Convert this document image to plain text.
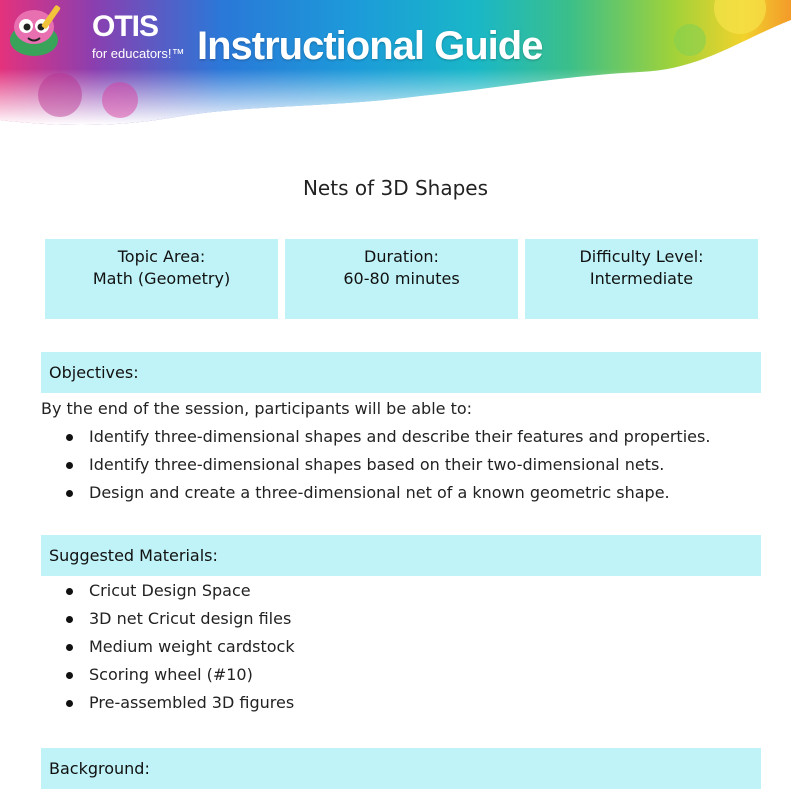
OTIS
for educators!™ Instructional Guide
Nets of 3D Shapes
Topic Area:
Math (Geometry)
Duration:
60-80 minutes
Difficulty Level:
Intermediate
Objectives:
By the end of the session, participants will be able to:
Identify three-dimensional shapes and describe their features and properties.
Identify three-dimensional shapes based on their two-dimensional nets.
Design and create a three-dimensional net of a known geometric shape.
Suggested Materials:
Cricut Design Space
3D net Cricut design files
Medium weight cardstock
Scoring wheel (#10)
Pre-assembled 3D figures
Background:
